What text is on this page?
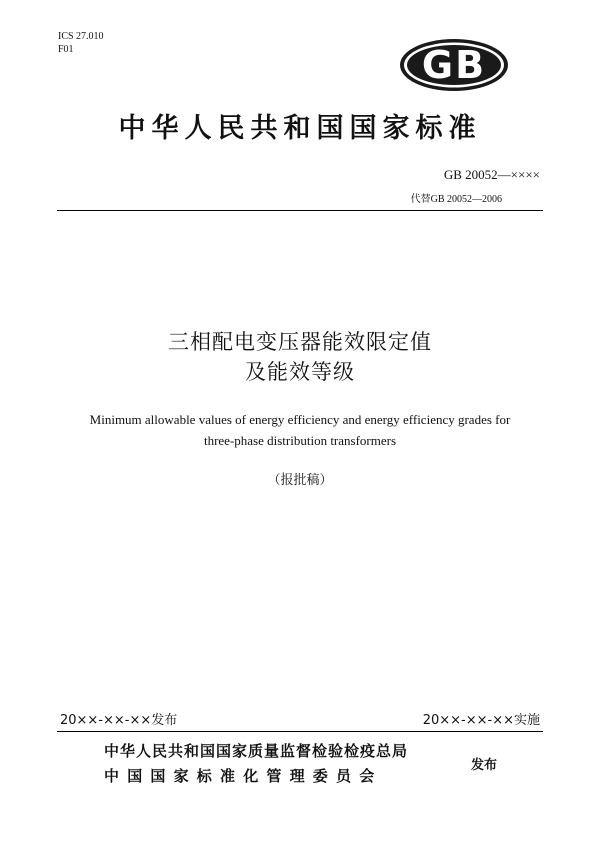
ICS 27.010
F01	GB
中华人民共和国国家标准
GB 20052—××××
代替GB 20052—2006
三相配电变压器能效限定值
及能效等级
Minimum allowable values of energy efficiency and energy efficiency grades for
three-phase distribution transformers
（报批稿）
20××-××-××发布	20××-××-××实施
中华人民共和国国家质量监督检验检疫总局
中国国家标准化管理委员会
发布
